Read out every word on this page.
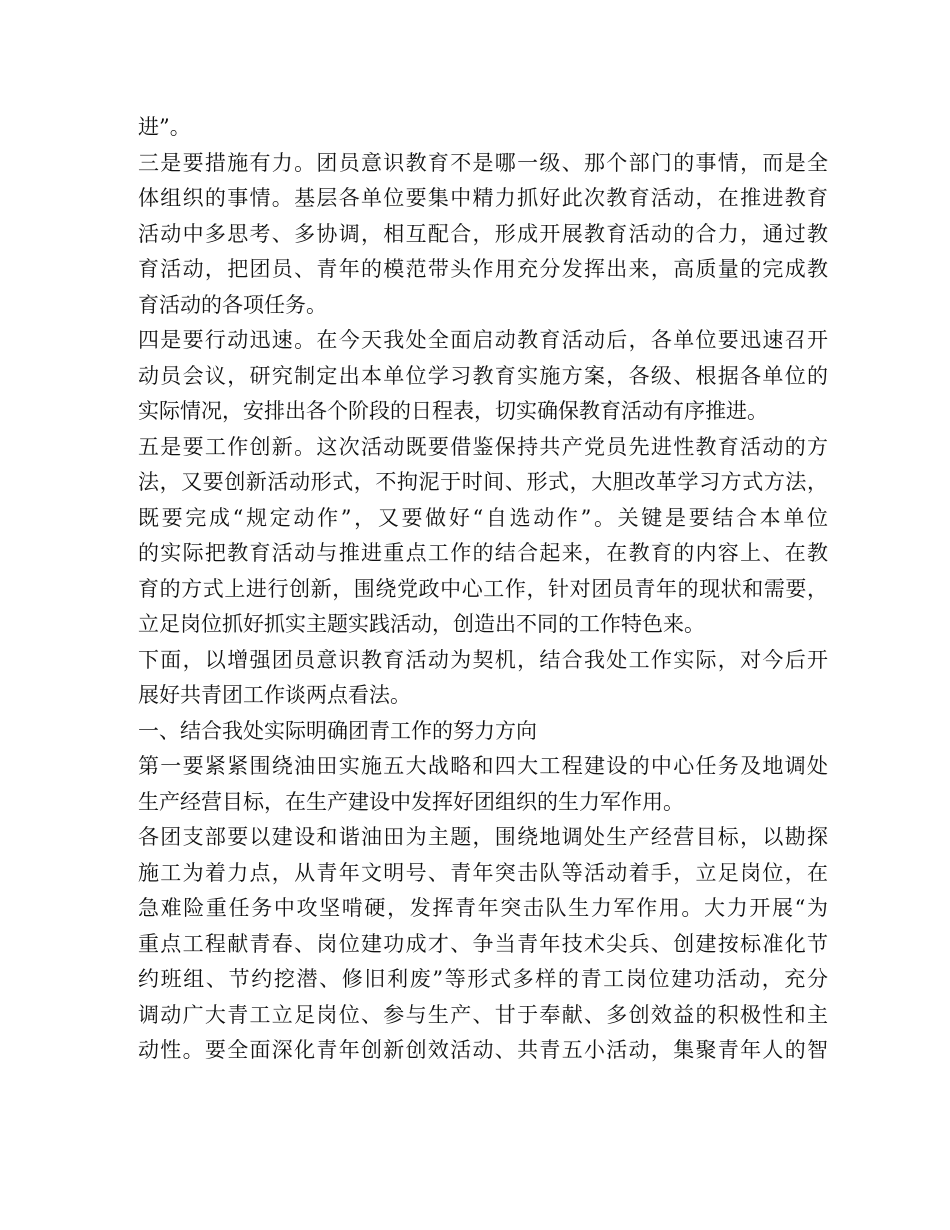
进”。
三是要措施有力。团员意识教育不是哪一级、那个部门的事情，而是全
体组织的事情。基层各单位要集中精力抓好此次教育活动，在推进教育
活动中多思考、多协调，相互配合，形成开展教育活动的合力，通过教
育活动，把团员、青年的模范带头作用充分发挥出来，高质量的完成教
育活动的各项任务。
四是要行动迅速。在今天我处全面启动教育活动后，各单位要迅速召开
动员会议，研究制定出本单位学习教育实施方案，各级、根据各单位的
实际情况，安排出各个阶段的日程表，切实确保教育活动有序推进。
五是要工作创新。这次活动既要借鉴保持共产党员先进性教育活动的方
法，又要创新活动形式，不拘泥于时间、形式，大胆改革学习方式方法，
既要完成“规定动作”，又要做好“自选动作”。关键是要结合本单位
的实际把教育活动与推进重点工作的结合起来，在教育的内容上、在教
育的方式上进行创新，围绕党政中心工作，针对团员青年的现状和需要，
立足岗位抓好抓实主题实践活动，创造出不同的工作特色来。
下面，以增强团员意识教育活动为契机，结合我处工作实际，对今后开
展好共青团工作谈两点看法。
一、结合我处实际明确团青工作的努力方向
第一要紧紧围绕油田实施五大战略和四大工程建设的中心任务及地调处
生产经营目标，在生产建设中发挥好团组织的生力军作用。
各团支部要以建设和谐油田为主题，围绕地调处生产经营目标，以勘探
施工为着力点，从青年文明号、青年突击队等活动着手，立足岗位，在
急难险重任务中攻坚啃硬，发挥青年突击队生力军作用。大力开展“为
重点工程献青春、岗位建功成才、争当青年技术尖兵、创建按标准化节
约班组、节约挖潜、修旧利废”等形式多样的青工岗位建功活动，充分
调动广大青工立足岗位、参与生产、甘于奉献、多创效益的积极性和主
动性。要全面深化青年创新创效活动、共青五小活动，集聚青年人的智
